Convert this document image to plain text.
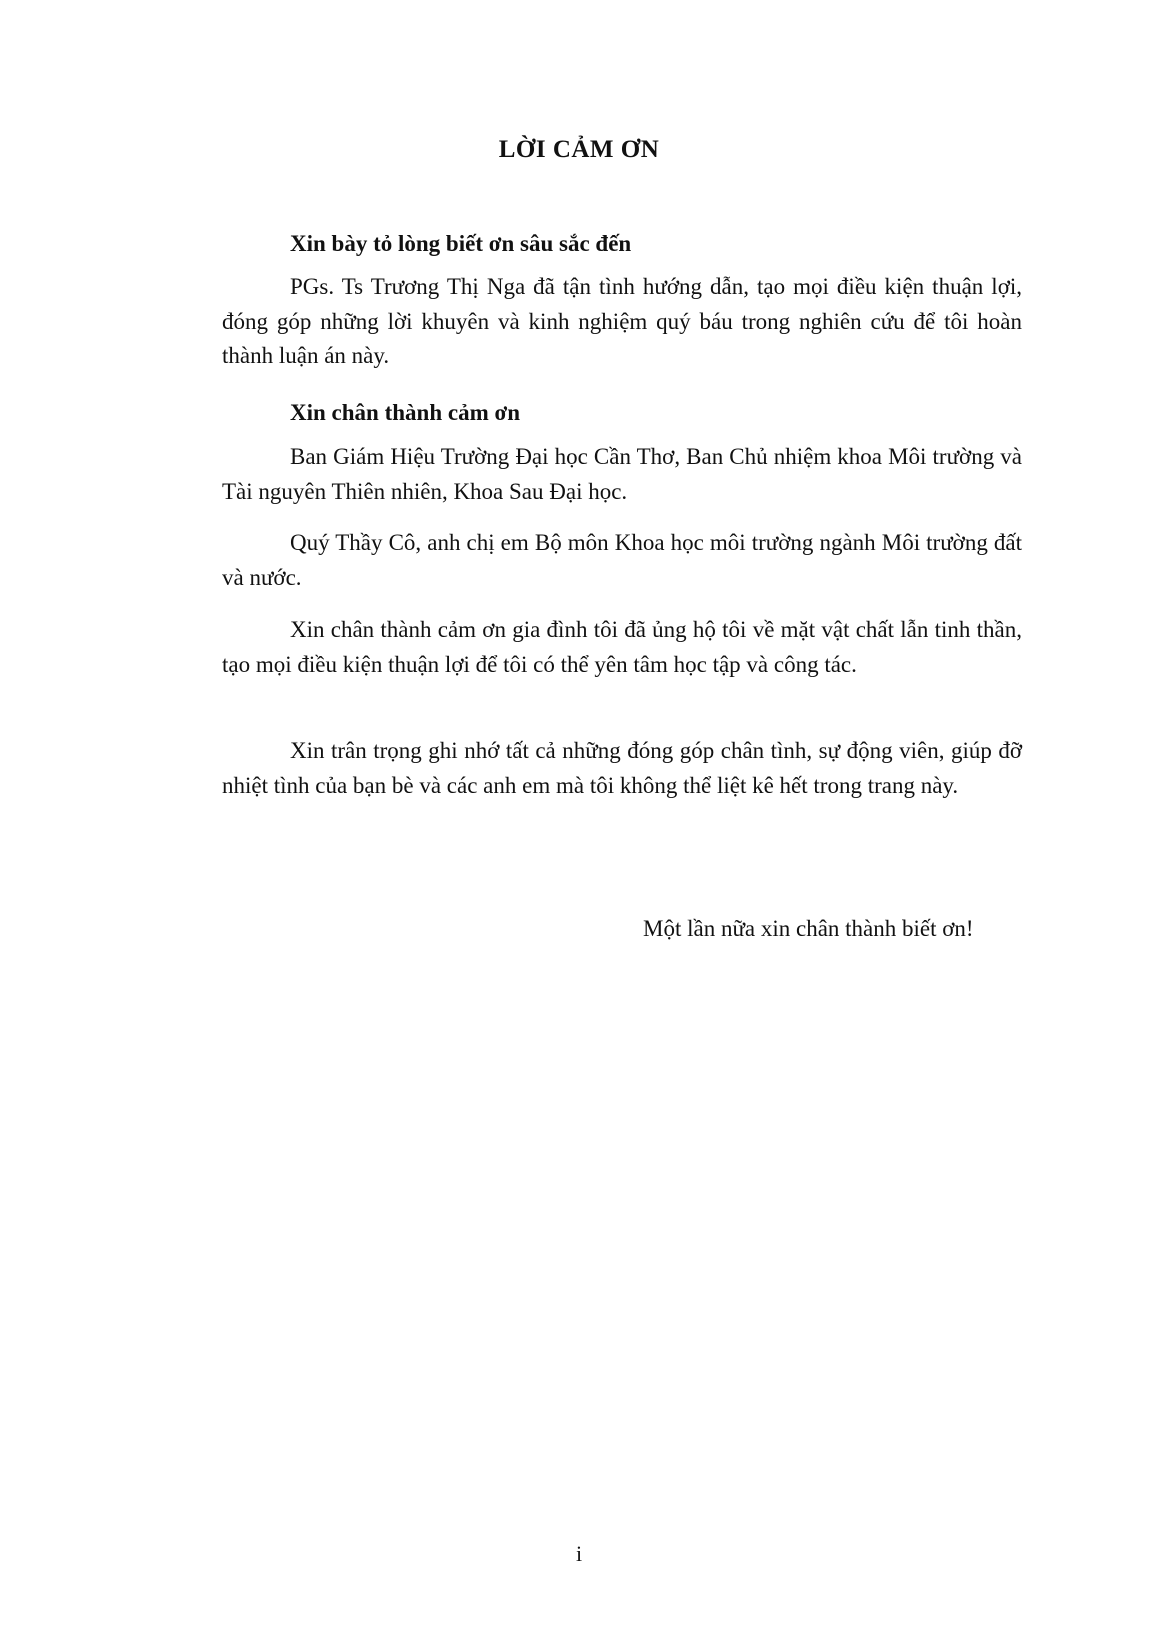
LỜI CẢM ƠN
Xin bày tỏ lòng biết ơn sâu sắc đến
PGs. Ts Trương Thị Nga đã tận tình hướng dẫn, tạo mọi điều kiện thuận lợi, đóng góp những lời khuyên và kinh nghiệm quý báu trong nghiên cứu để tôi hoàn thành luận án này.
Xin chân thành cảm ơn
Ban Giám Hiệu Trường Đại học Cần Thơ, Ban Chủ nhiệm khoa Môi trường và Tài nguyên Thiên nhiên, Khoa Sau Đại học.
Quý Thầy Cô, anh chị em Bộ môn Khoa học môi trường ngành Môi trường đất và nước.
Xin chân thành cảm ơn gia đình tôi đã ủng hộ tôi về mặt vật chất lẫn tinh thần, tạo mọi điều kiện thuận lợi để tôi có thể yên tâm học tập và công tác.
Xin trân trọng ghi nhớ tất cả những đóng góp chân tình, sự động viên, giúp đỡ nhiệt tình của bạn bè và các anh em mà tôi không thể liệt kê hết trong trang này.
Một lần nữa xin chân thành biết ơn!
i
